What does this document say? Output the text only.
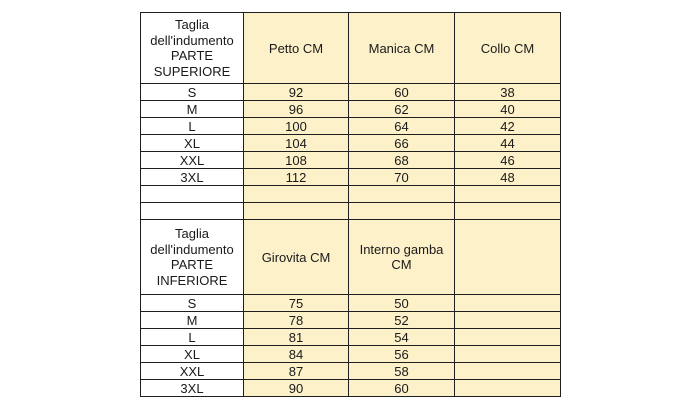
Taglia dell'indumento PARTE SUPERIORE	Petto CM	Manica CM	Collo CM
S	92	60	38
M	96	62	40
L	100	64	42
XL	104	66	44
XXL	108	68	46
3XL	112	70	48

Taglia dell'indumento PARTE INFERIORE	Girovita CM	Interno gamba CM	
S	75	50	
M	78	52	
L	81	54	
XL	84	56	
XXL	87	58	
3XL	90	60	
